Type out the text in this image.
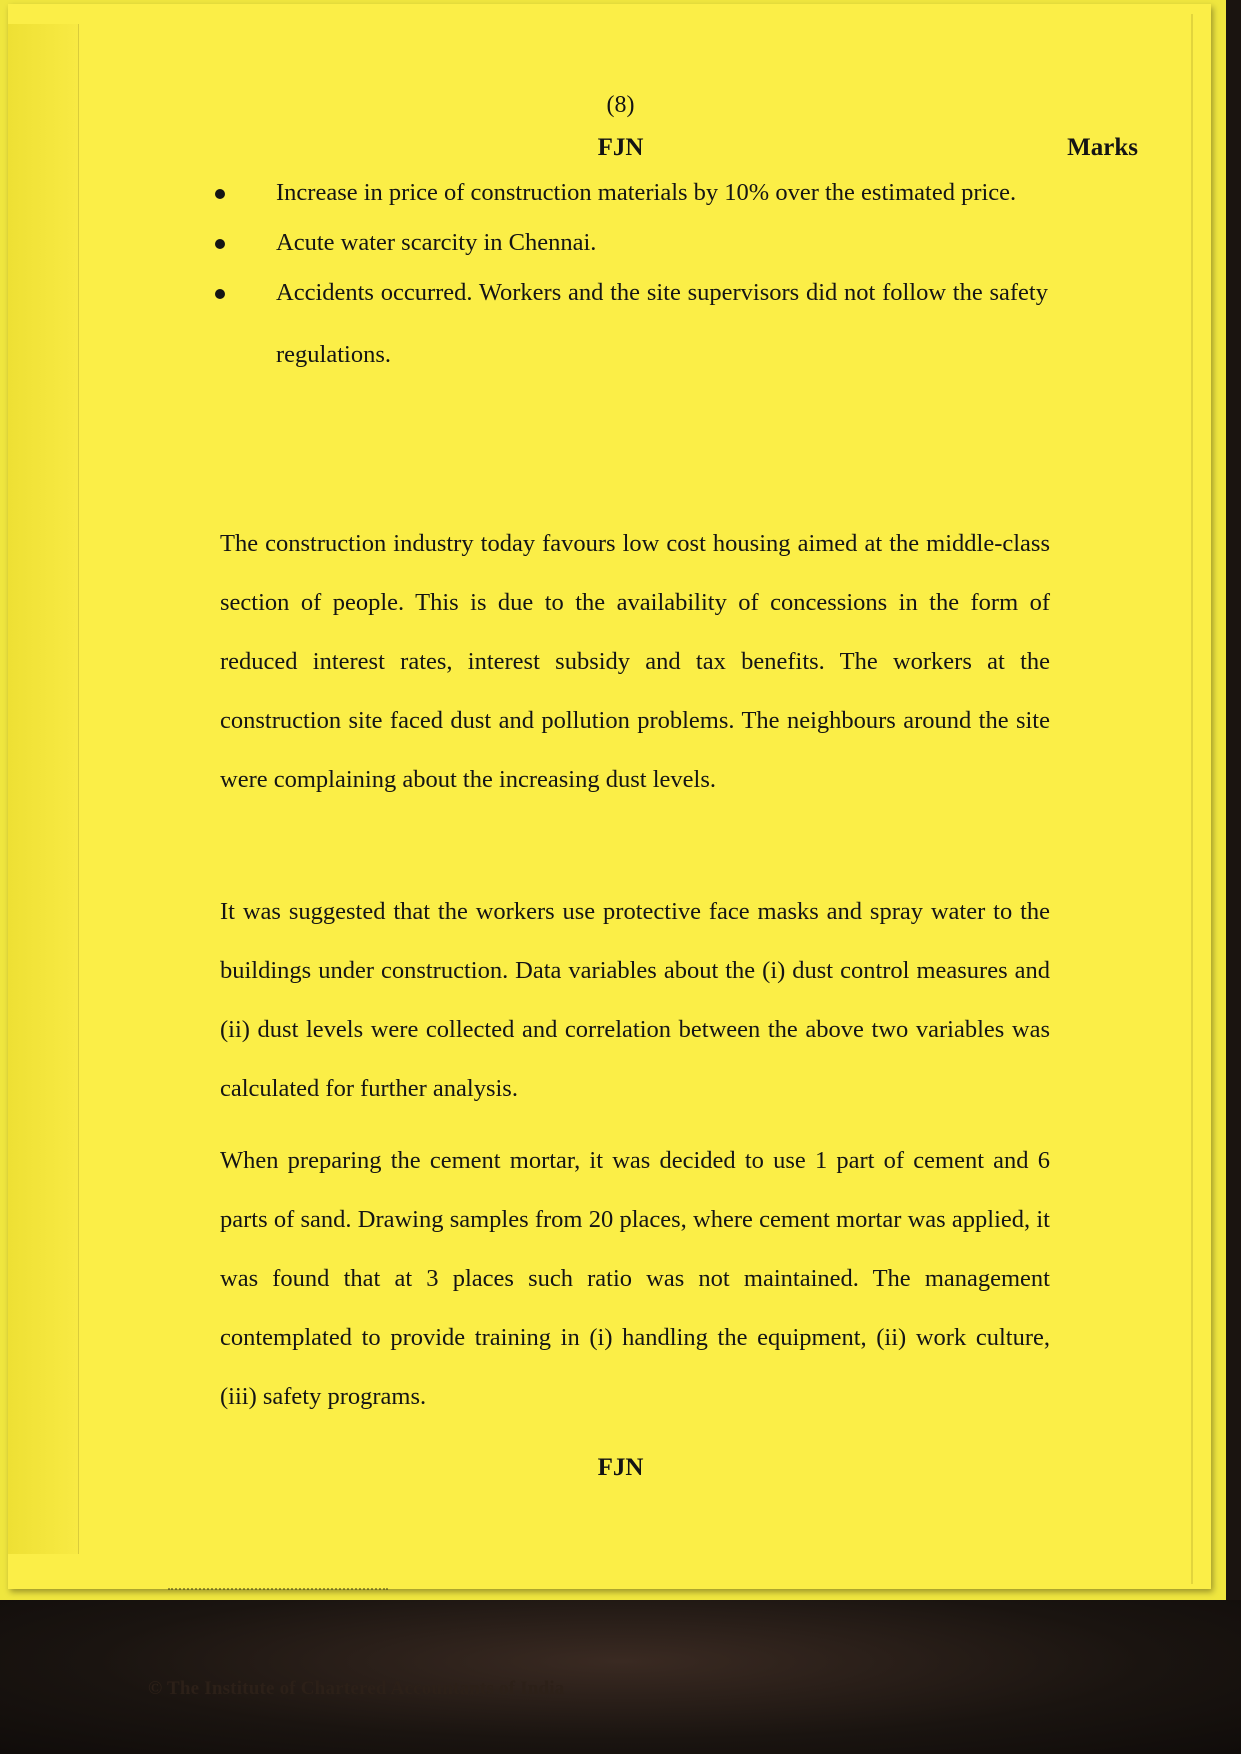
(8)
FJN	Marks
Increase in price of construction materials by 10% over the estimated price.
Acute water scarcity in Chennai.
Accidents occurred. Workers and the site supervisors did not follow the safety regulations.

The construction industry today favours low cost housing aimed at the middle-class section of people. This is due to the availability of concessions in the form of reduced interest rates, interest subsidy and tax benefits. The workers at the construction site faced dust and pollution problems. The neighbours around the site were complaining about the increasing dust levels.

It was suggested that the workers use protective face masks and spray water to the buildings under construction. Data variables about the (i) dust control measures and (ii) dust levels were collected and correlation between the above two variables was calculated for further analysis.

When preparing the cement mortar, it was decided to use 1 part of cement and 6 parts of sand. Drawing samples from 20 places, where cement mortar was applied, it was found that at 3 places such ratio was not maintained. The management contemplated to provide training in (i) handling the equipment, (ii) work culture, (iii) safety programs.

FJN
© The Institute of Chartered Accountants of India
